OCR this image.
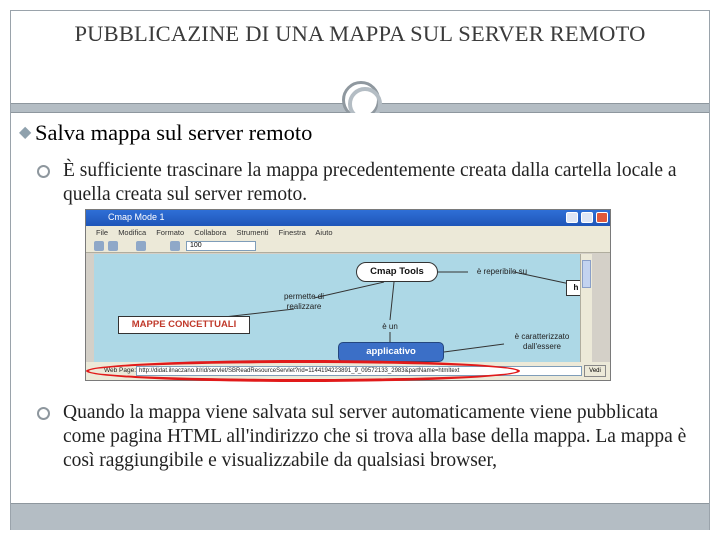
PUBBLICAZINE DI UNA MAPPA SUL SERVER REMOTO
◆ Salva mappa sul server remoto
È sufficiente trascinare la mappa precedentemente creata dalla cartella locale a quella creata sul server remoto.
Quando la mappa viene salvata sul server automaticamente viene pubblicata come pagina HTML all'indirizzo che si trova alla base della mappa. La mappa è così raggiungibile e visualizzabile da qualsiasi browser,
Cmap Mode 1
File Modifica Formato Collabora Strumenti Finestra Aiuto
100
Cmap Tools
permette di realizzare
è reperibile su
h
MAPPE CONCETTUALI	è un
è caratterizzato dall'essere
applicativo
Web Page: http://didat.ilnaczano.it/rid/servlet/SBReadResourceServlet?rid=1144194223891_9_09572133_2983&partName=htmltext	Vedi
